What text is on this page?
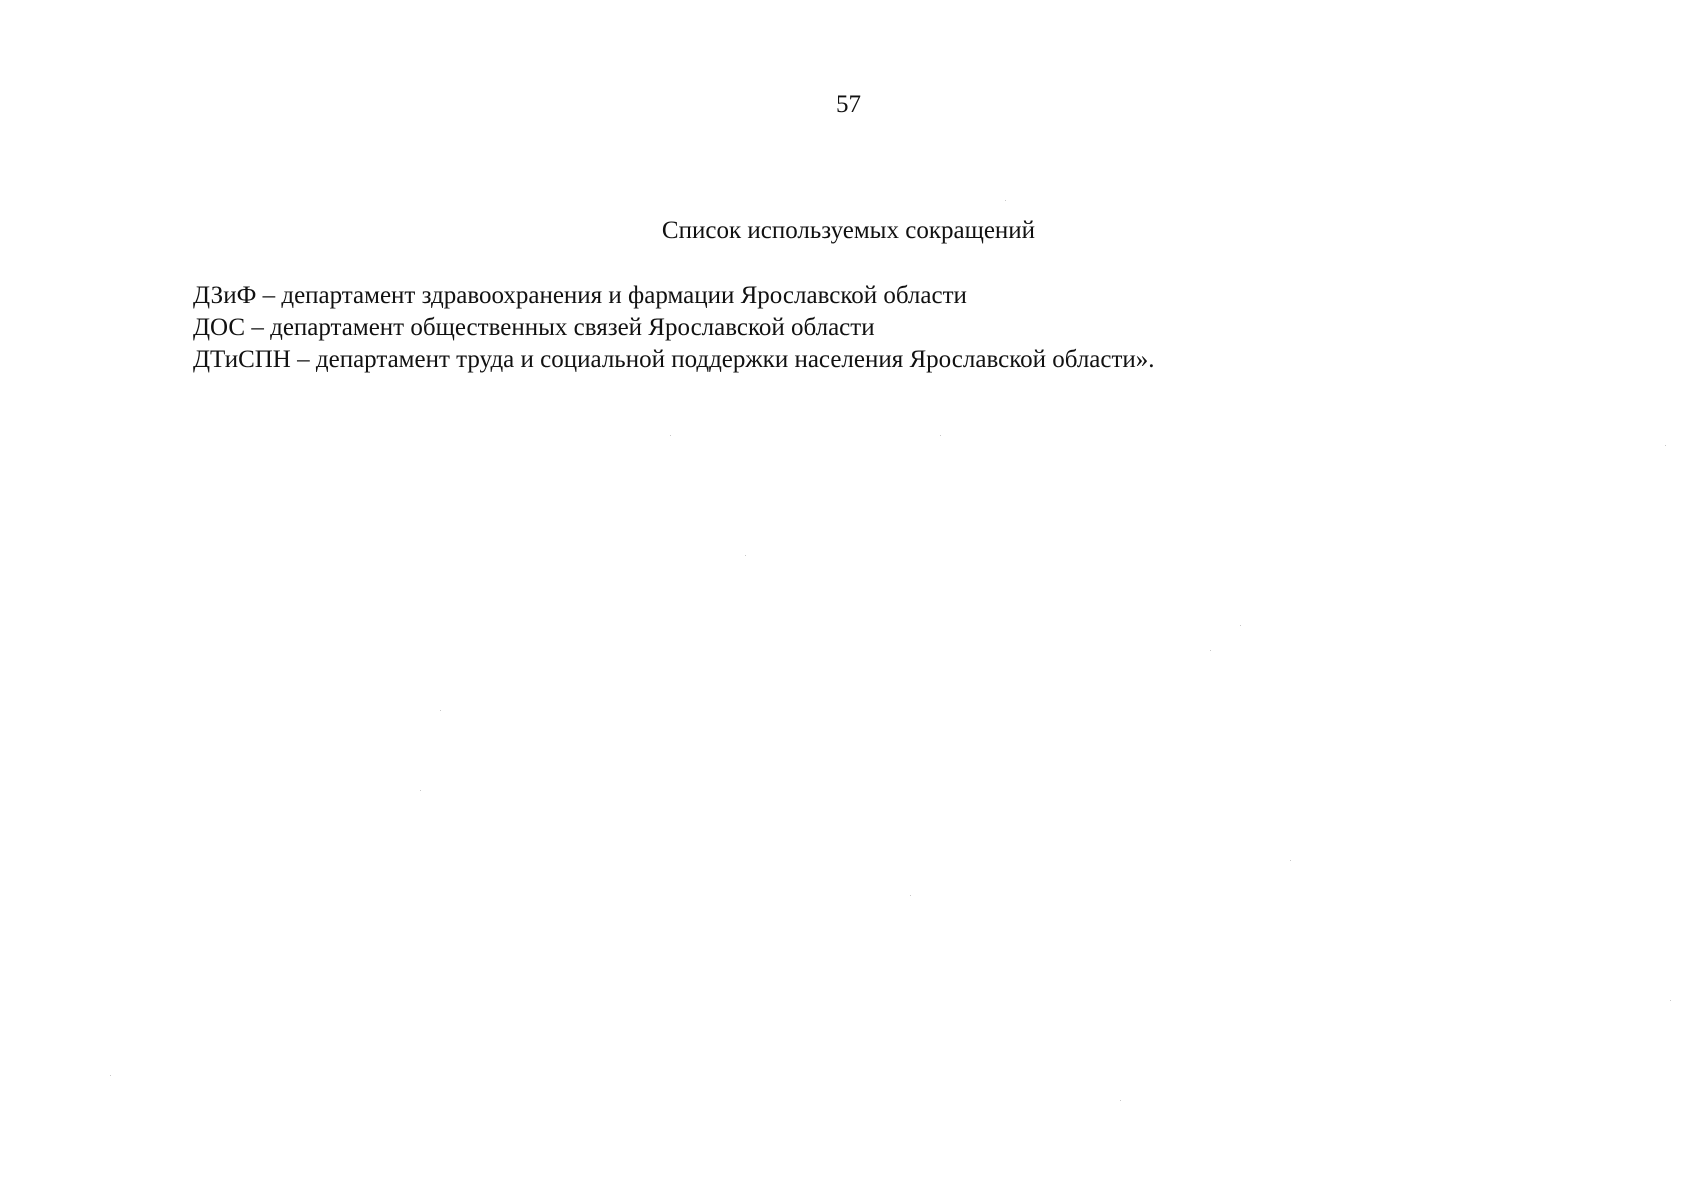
57
Список используемых сокращений
ДЗиФ – департамент здравоохранения и фармации Ярославской области
ДОС – департамент общественных связей Ярославской области
ДТиСПН – департамент труда и социальной поддержки населения Ярославской области».
